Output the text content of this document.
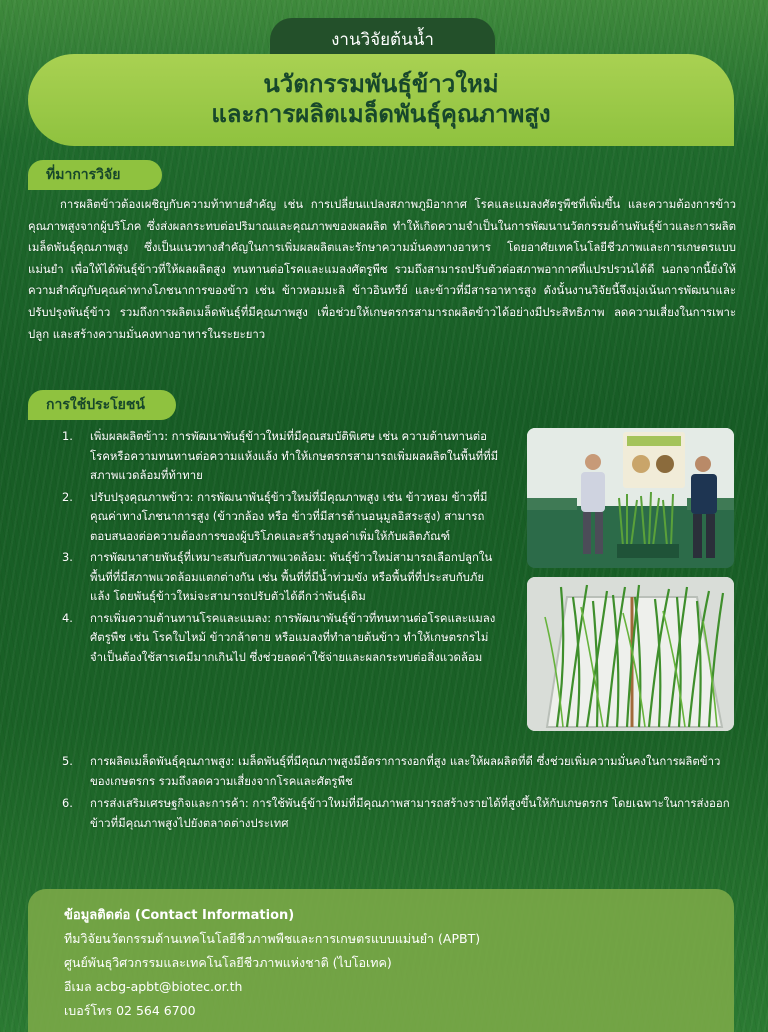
งานวิจัยต้นน้ำ
นวัตกรรมพันธุ์ข้าวใหม่
และการผลิตเมล็ดพันธุ์คุณภาพสูง
ที่มาการวิจัย
การผลิตข้าวต้องเผชิญกับความท้าทายสำคัญ เช่น การเปลี่ยนแปลงสภาพภูมิอากาศ โรคและแมลงศัตรูพืชที่เพิ่มขึ้น และความต้องการข้าวคุณภาพสูงจากผู้บริโภค ซึ่งส่งผลกระทบต่อปริมาณและคุณภาพของผลผลิต ทำให้เกิดความจำเป็นในการพัฒนานวัตกรรมด้านพันธุ์ข้าวและการผลิตเมล็ดพันธุ์คุณภาพสูง ซึ่งเป็นแนวทางสำคัญในการเพิ่มผลผลิตและรักษาความมั่นคงทางอาหาร โดยอาศัยเทคโนโลยีชีวภาพและการเกษตรแบบแม่นยำ เพื่อให้ได้พันธุ์ข้าวที่ให้ผลผลิตสูง ทนทานต่อโรคและแมลงศัตรูพืช รวมถึงสามารถปรับตัวต่อสภาพอากาศที่แปรปรวนได้ดี นอกจากนี้ยังให้ความสำคัญกับคุณค่าทางโภชนาการของข้าว เช่น ข้าวหอมมะลิ ข้าวอินทรีย์ และข้าวที่มีสารอาหารสูง ดังนั้นงานวิจัยนี้จึงมุ่งเน้นการพัฒนาและปรับปรุงพันธุ์ข้าว รวมถึงการผลิตเมล็ดพันธุ์ที่มีคุณภาพสูง เพื่อช่วยให้เกษตรกรสามารถผลิตข้าวได้อย่างมีประสิทธิภาพ ลดความเสี่ยงในการเพาะปลูก และสร้างความมั่นคงทางอาหารในระยะยาว
การใช้ประโยชน์
1. เพิ่มผลผลิตข้าว: การพัฒนาพันธุ์ข้าวใหม่ที่มีคุณสมบัติพิเศษ เช่น ความต้านทานต่อโรคหรือความทนทานต่อความแห้งแล้ง ทำให้เกษตรกรสามารถเพิ่มผลผลิตในพื้นที่ที่มีสภาพแวดล้อมที่ท้าทาย
2. ปรับปรุงคุณภาพข้าว: การพัฒนาพันธุ์ข้าวใหม่ที่มีคุณภาพสูง เช่น ข้าวหอม ข้าวที่มีคุณค่าทางโภชนาการสูง (ข้าวกล้อง หรือ ข้าวที่มีสารต้านอนุมูลอิสระสูง) สามารถตอบสนองต่อความต้องการของผู้บริโภคและสร้างมูลค่าเพิ่มให้กับผลิตภัณฑ์
3. การพัฒนาสายพันธุ์ที่เหมาะสมกับสภาพแวดล้อม: พันธุ์ข้าวใหม่สามารถเลือกปลูกในพื้นที่ที่มีสภาพแวดล้อมแตกต่างกัน เช่น พื้นที่ที่มีน้ำท่วมขัง หรือพื้นที่ที่ประสบกับภัยแล้ง โดยพันธุ์ข้าวใหม่จะสามารถปรับตัวได้ดีกว่าพันธุ์เดิม
4. การเพิ่มความต้านทานโรคและแมลง: การพัฒนาพันธุ์ข้าวที่ทนทานต่อโรคและแมลงศัตรูพืช เช่น โรคใบไหม้ ข้าวกล้าตาย หรือแมลงที่ทำลายต้นข้าว ทำให้เกษตรกรไม่จำเป็นต้องใช้สารเคมีมากเกินไป ซึ่งช่วยลดค่าใช้จ่ายและผลกระทบต่อสิ่งแวดล้อม
5. การผลิตเมล็ดพันธุ์คุณภาพสูง: เมล็ดพันธุ์ที่มีคุณภาพสูงมีอัตราการงอกที่สูง และให้ผลผลิตที่ดี ซึ่งช่วยเพิ่มความมั่นคงในการผลิตข้าวของเกษตรกร รวมถึงลดความเสี่ยงจากโรคและศัตรูพืช
6. การส่งเสริมเศรษฐกิจและการค้า: การใช้พันธุ์ข้าวใหม่ที่มีคุณภาพสามารถสร้างรายได้ที่สูงขึ้นให้กับเกษตรกร โดยเฉพาะในการส่งออกข้าวที่มีคุณภาพสูงไปยังตลาดต่างประเทศ
ข้อมูลติดต่อ (Contact Information)
ทีมวิจัยนวัตกรรมด้านเทคโนโลยีชีวภาพพืชและการเกษตรแบบแม่นยำ (APBT)
ศูนย์พันธุวิศวกรรมและเทคโนโลยีชีวภาพแห่งชาติ (ไบโอเทค)
อีเมล acbg-apbt@biotec.or.th
เบอร์โทร 02 564 6700
